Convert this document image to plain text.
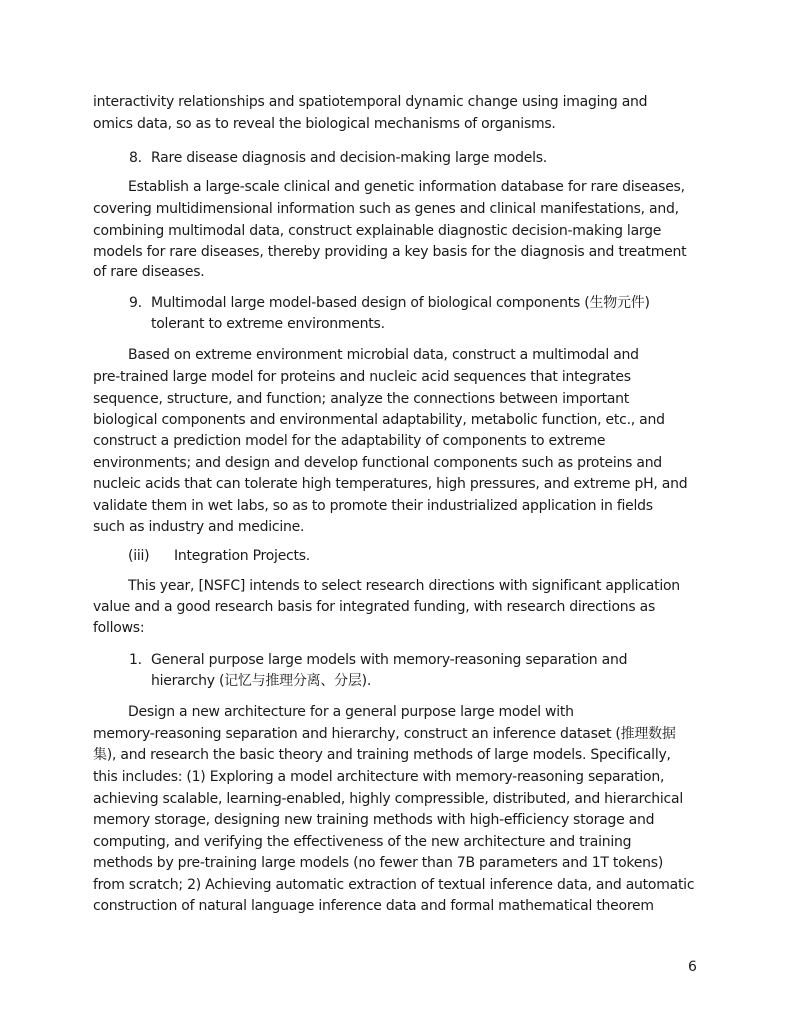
interactivity relationships and spatiotemporal dynamic change using imaging and
omics data, so as to reveal the biological mechanisms of organisms.
8. Rare disease diagnosis and decision-making large models.
Establish a large-scale clinical and genetic information database for rare diseases,
covering multidimensional information such as genes and clinical manifestations, and,
combining multimodal data, construct explainable diagnostic decision-making large
models for rare diseases, thereby providing a key basis for the diagnosis and treatment
of rare diseases.
9. Multimodal large model-based design of biological components (生物元件)
tolerant to extreme environments.
Based on extreme environment microbial data, construct a multimodal and
pre-trained large model for proteins and nucleic acid sequences that integrates
sequence, structure, and function; analyze the connections between important
biological components and environmental adaptability, metabolic function, etc., and
construct a prediction model for the adaptability of components to extreme
environments; and design and develop functional components such as proteins and
nucleic acids that can tolerate high temperatures, high pressures, and extreme pH, and
validate them in wet labs, so as to promote their industrialized application in fields
such as industry and medicine.
(iii) Integration Projects.
This year, [NSFC] intends to select research directions with significant application
value and a good research basis for integrated funding, with research directions as
follows:
1. General purpose large models with memory-reasoning separation and
hierarchy (记忆与推理分离、分层).
Design a new architecture for a general purpose large model with
memory-reasoning separation and hierarchy, construct an inference dataset (推理数据
集), and research the basic theory and training methods of large models. Specifically,
this includes: (1) Exploring a model architecture with memory-reasoning separation,
achieving scalable, learning-enabled, highly compressible, distributed, and hierarchical
memory storage, designing new training methods with high-efficiency storage and
computing, and verifying the effectiveness of the new architecture and training
methods by pre-training large models (no fewer than 7B parameters and 1T tokens)
from scratch; 2) Achieving automatic extraction of textual inference data, and automatic
construction of natural language inference data and formal mathematical theorem
6
